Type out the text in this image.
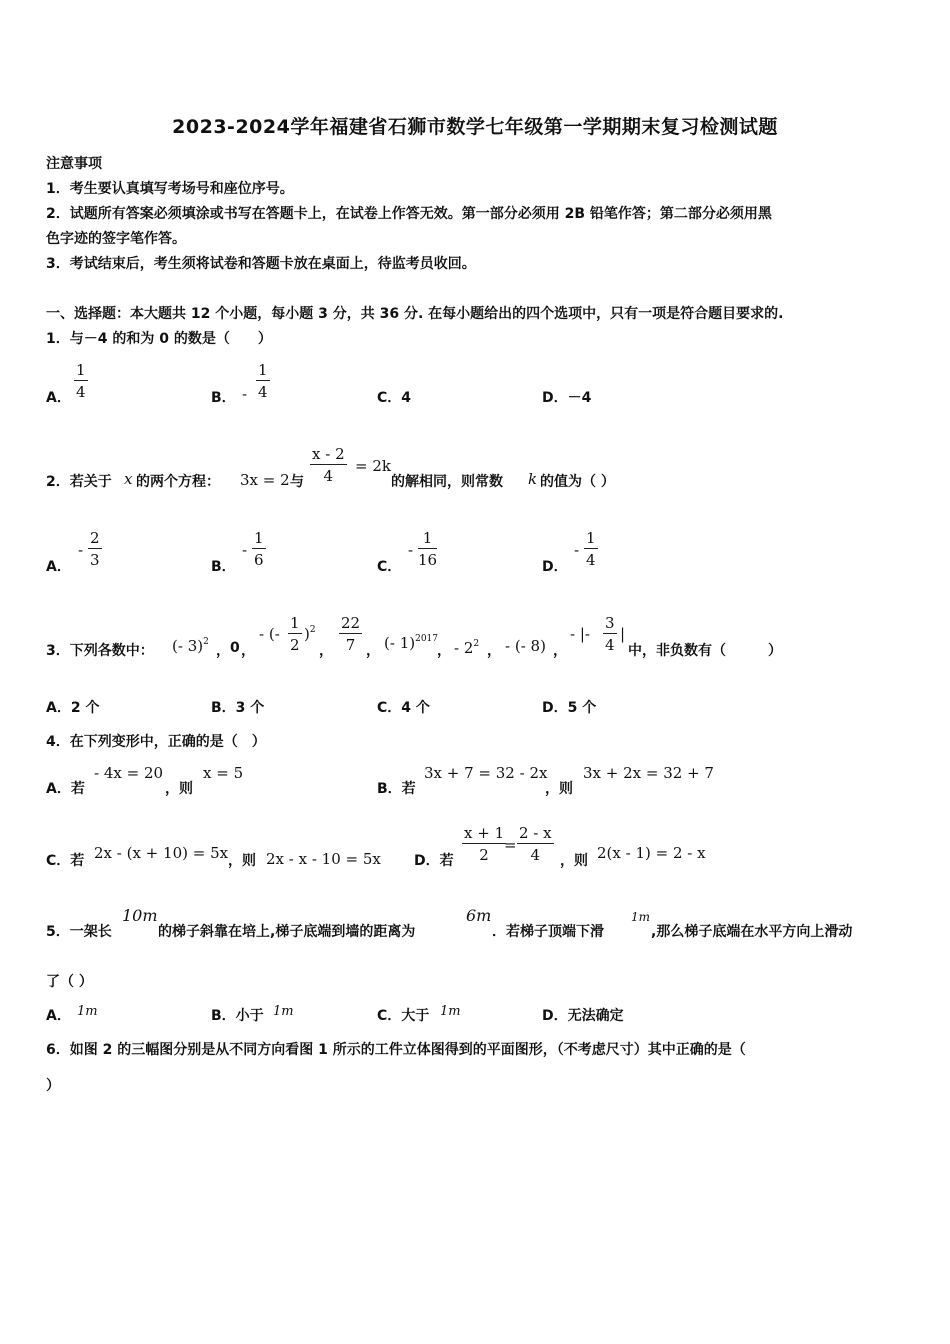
2023-2024学年福建省石狮市数学七年级第一学期期末复习检测试题
注意事项
1．考生要认真填写考场号和座位序号。
2．试题所有答案必须填涂或书写在答题卡上，在试卷上作答无效。第一部分必须用 2B 铅笔作答；第二部分必须用黑
色字迹的签字笔作答。
3．考试结束后，考生须将试卷和答题卡放在桌面上，待监考员收回。
一、选择题：本大题共 12 个小题，每小题 3 分，共 36 分. 在每小题给出的四个选项中，只有一项是符合题目要求的.
1．与－4 的和为 0 的数是（　　）
A． $\frac{1}{4}$	B． - $\frac{1}{4}$	C．4	D．－4
2．若关于 x 的两个方程： 3x = 2 与 $\frac{x - 2}{4} = 2k$
的解相同，则常数 k 的值为（ ）
A．
- $\frac{2}{3}$	B．
- $\frac{1}{6}$	C．
- $\frac{1}{16}$	D．
- $\frac{1}{4}$
3．下列各数中： (- 3)$^2$
， 0 ，
- (- $\frac{1}{2} )^2$
， $\frac{22}{7}$ ， (- 1)$^{2017}$
， - $2^2$ ， - (- 8) ，
- |- $\frac{3}{4}$ |
中，非负数有（　　　）
A．2 个	B．3 个	C．4 个	D．5 个
4．在下列变形中，正确的是（　）
A．若
- 4x = 20
，则
x = 5
B．若
3x + 7 = 32 - 2x
，则
3x + 2x = 32 + 7
C．若 2x - (x + 10) = 5x ，则 2x - x - 10 = 5x D．若 $\frac{x + 1}{2}$
= $\frac{2 - x}{4}$ ，则 2(x - 1) = 2 - x
5．一架长
10m
的梯子斜靠在培上,梯子底端到墙的距离为
6m
．若梯子顶端下滑
1m
,那么梯子底端在水平方向上滑动
了（ ）
A． 1m	B．小于 1m	C．大于 1m	D．无法确定
6．如图 2 的三幅图分别是从不同方向看图 1 所示的工件立体图得到的平面图形，（不考虑尺寸）其中正确的是（
）
